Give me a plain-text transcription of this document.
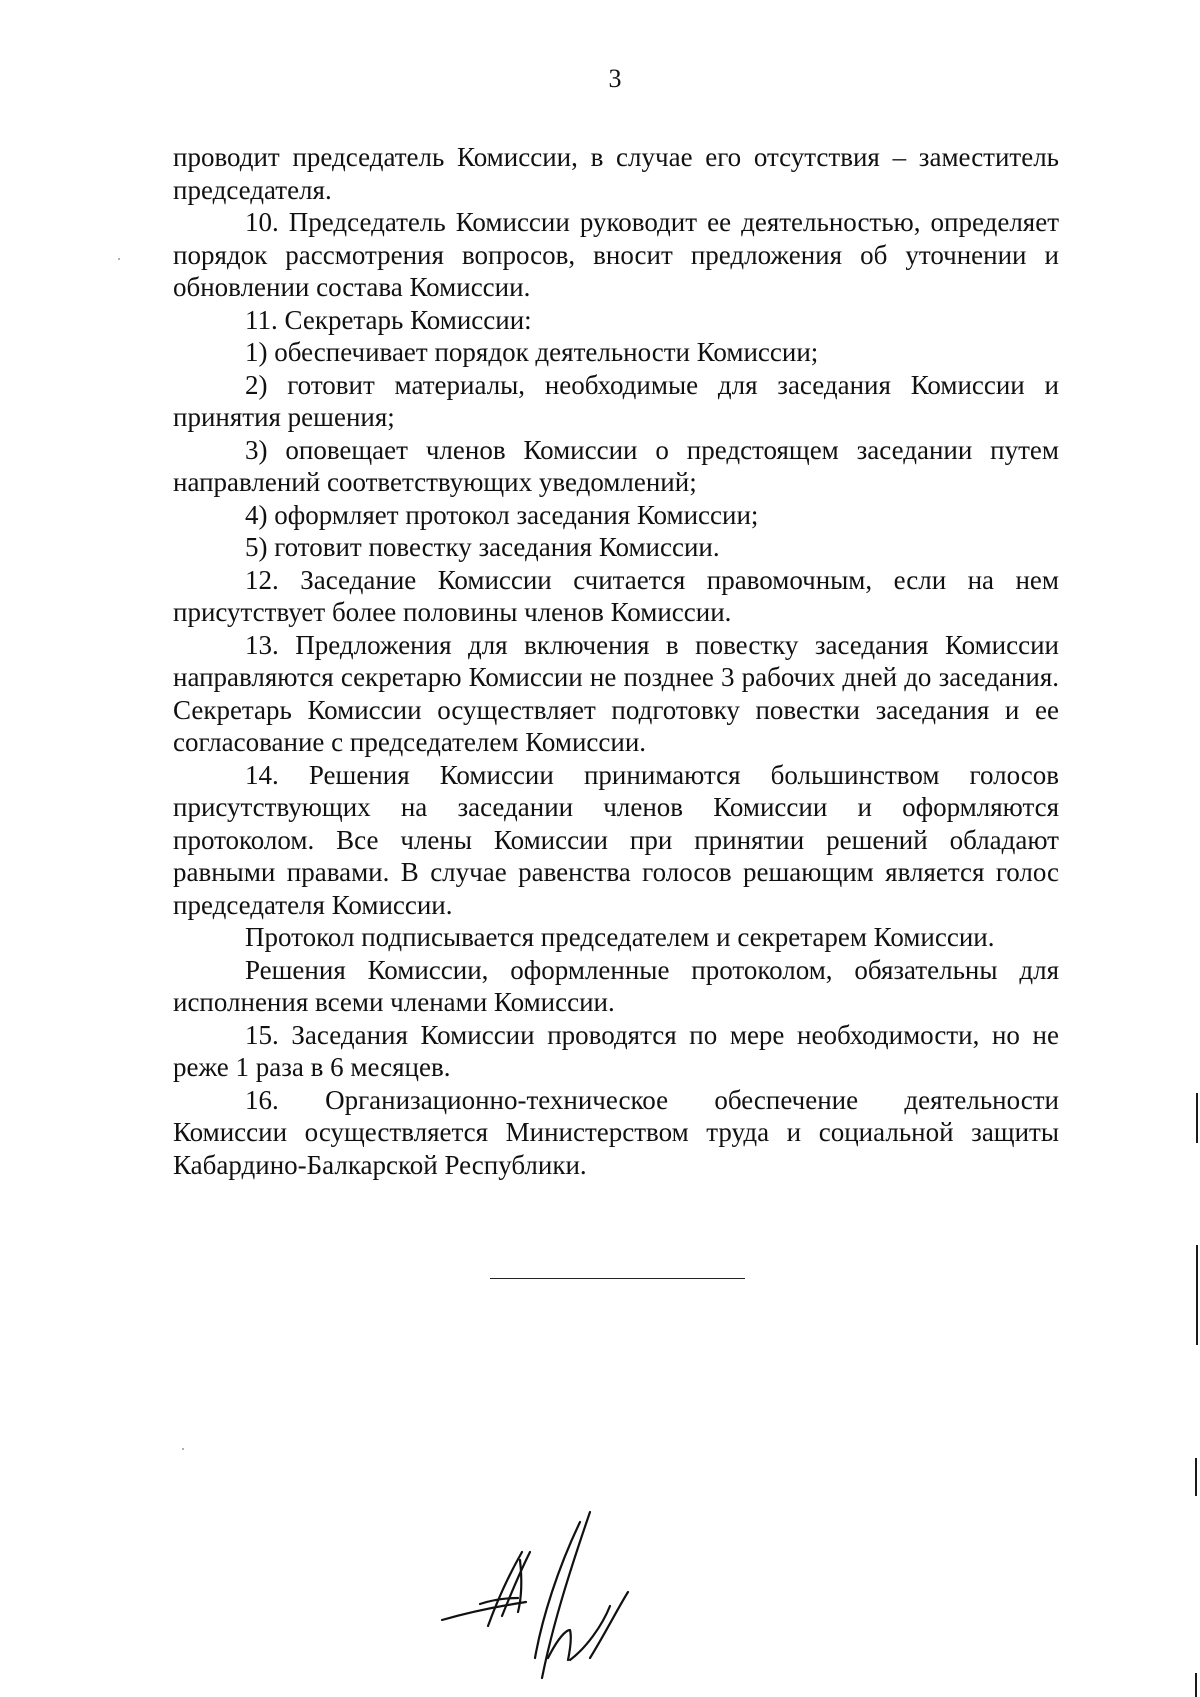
3

проводит председатель Комиссии, в случае его отсутствия – заместитель председателя.

10. Председатель Комиссии руководит ее деятельностью, определяет порядок рассмотрения вопросов, вносит предложения об уточнении и обновлении состава Комиссии.

11. Секретарь Комиссии:

1) обеспечивает порядок деятельности Комиссии;

2) готовит материалы, необходимые для заседания Комиссии и принятия решения;

3) оповещает членов Комиссии о предстоящем заседании путем направлений соответствующих уведомлений;

4) оформляет протокол заседания Комиссии;

5) готовит повестку заседания Комиссии.

12. Заседание Комиссии считается правомочным, если на нем присутствует более половины членов Комиссии.

13. Предложения для включения в повестку заседания Комиссии направляются секретарю Комиссии не позднее 3 рабочих дней до заседания. Секретарь Комиссии осуществляет подготовку повестки заседания и ее согласование с председателем Комиссии.

14. Решения Комиссии принимаются большинством голосов присутствующих на заседании членов Комиссии и оформляются протоколом. Все члены Комиссии при принятии решений обладают равными правами. В случае равенства голосов решающим является голос председателя Комиссии.

Протокол подписывается председателем и секретарем Комиссии.

Решения Комиссии, оформленные протоколом, обязательны для исполнения всеми членами Комиссии.

15. Заседания Комиссии проводятся по мере необходимости, но не реже 1 раза в 6 месяцев.

16. Организационно-техническое обеспечение деятельности Комиссии осуществляется Министерством труда и социальной защиты Кабардино-Балкарской Республики.
